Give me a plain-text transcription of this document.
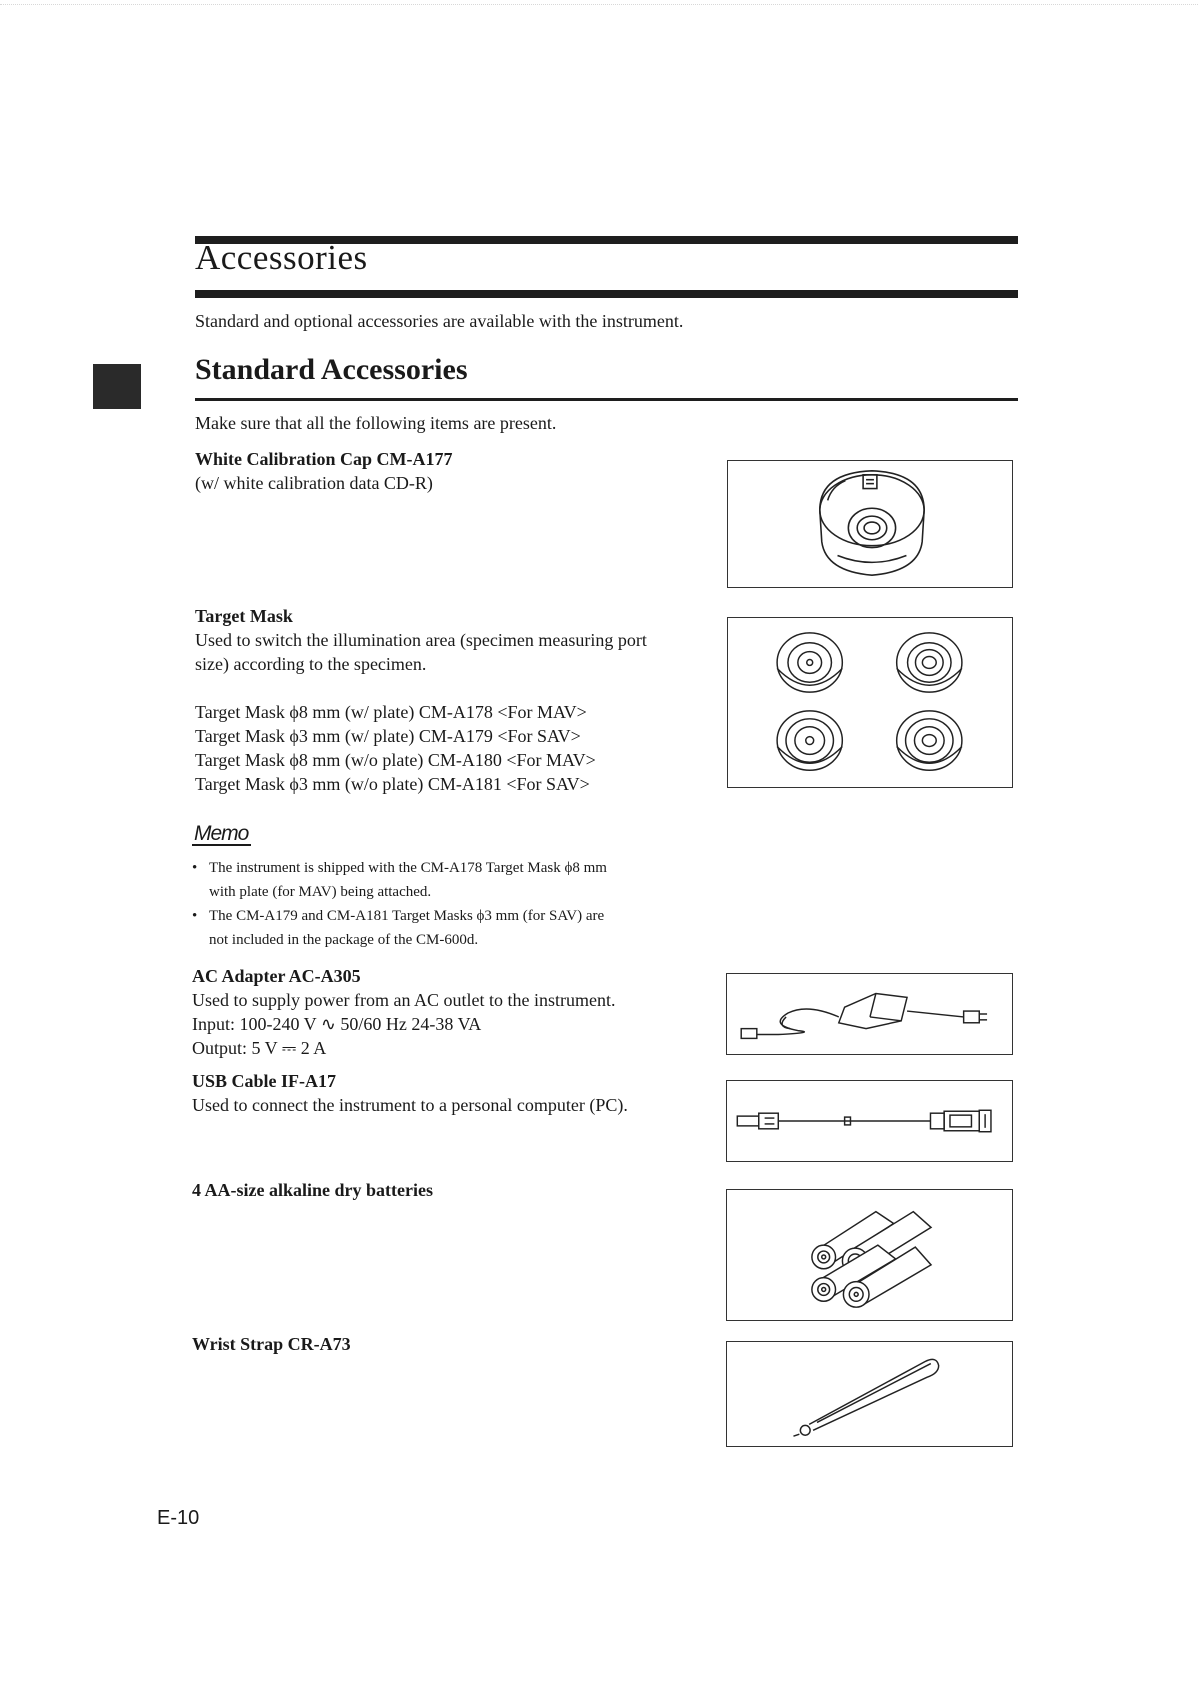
Accessories
Standard and optional accessories are available with the instrument.
Standard Accessories
Make sure that all the following items are present.
White Calibration Cap CM-A177
(w/ white calibration data CD-R)
Target Mask
Used to switch the illumination area (specimen measuring port
size) according to the specimen.
Target Mask ϕ8 mm (w/ plate) CM-A178 <For MAV>
Target Mask ϕ3 mm (w/ plate) CM-A179 <For SAV>
Target Mask ϕ8 mm (w/o plate) CM-A180 <For MAV>
Target Mask ϕ3 mm (w/o plate) CM-A181 <For SAV>
Memo
• The instrument is shipped with the CM-A178 Target Mask ϕ8 mm
with plate (for MAV) being attached.
• The CM-A179 and CM-A181 Target Masks ϕ3 mm (for SAV) are
not included in the package of the CM-600d.
AC Adapter AC-A305
Used to supply power from an AC outlet to the instrument.
Input: 100-240 V ∿ 50/60 Hz 24-38 VA
Output: 5 V ⎓ 2 A
USB Cable IF-A17
Used to connect the instrument to a personal computer (PC).
4 AA-size alkaline dry batteries
Wrist Strap CR-A73
E-10
